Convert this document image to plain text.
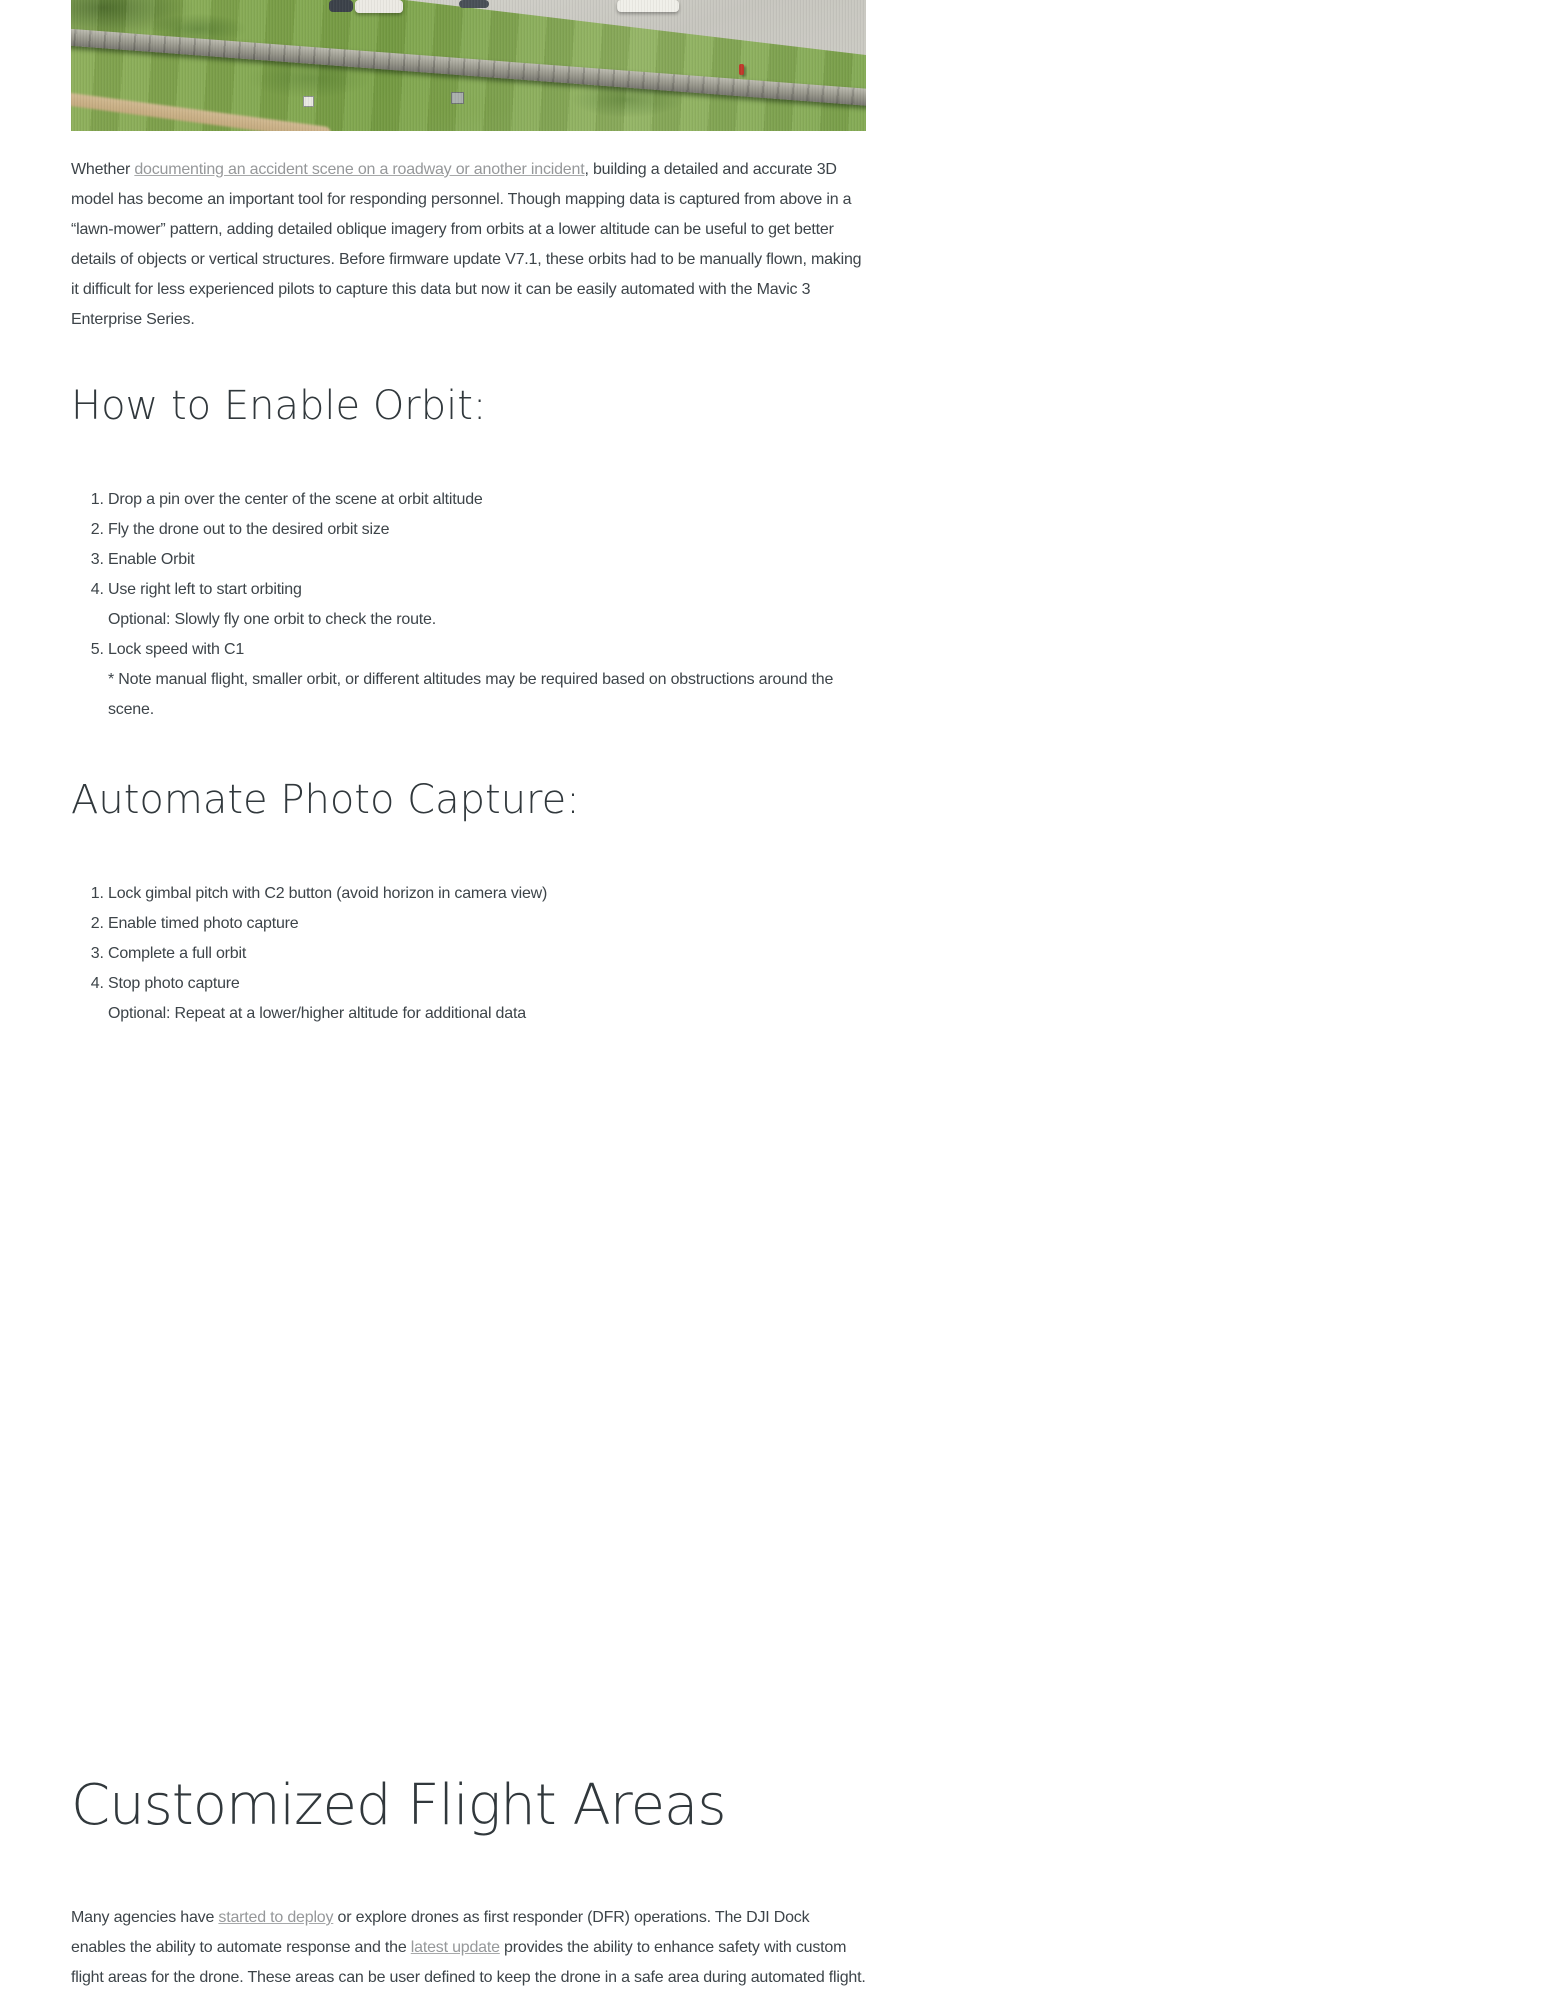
Whether documenting an accident scene on a roadway or another incident, building a detailed and accurate 3D model has become an important tool for responding personnel. Though mapping data is captured from above in a “lawn-mower” pattern, adding detailed oblique imagery from orbits at a lower altitude can be useful to get better details of objects or vertical structures. Before firmware update V7.1, these orbits had to be manually flown, making it difficult for less experienced pilots to capture this data but now it can be easily automated with the Mavic 3 Enterprise Series.

How to Enable Orbit:
1. Drop a pin over the center of the scene at orbit altitude
2. Fly the drone out to the desired orbit size
3. Enable Orbit
4. Use right left to start orbiting
Optional: Slowly fly one orbit to check the route.
5. Lock speed with C1
* Note manual flight, smaller orbit, or different altitudes may be required based on obstructions around the scene.
Automate Photo Capture:
1. Lock gimbal pitch with C2 button (avoid horizon in camera view)
2. Enable timed photo capture
3. Complete a full orbit
4. Stop photo capture
Optional: Repeat at a lower/higher altitude for additional data
Customized Flight Areas

Many agencies have started to deploy or explore drones as first responder (DFR) operations. The DJI Dock enables the ability to automate response and the latest update provides the ability to enhance safety with custom flight areas for the drone. These areas can be user defined to keep the drone in a safe area during automated flight.
